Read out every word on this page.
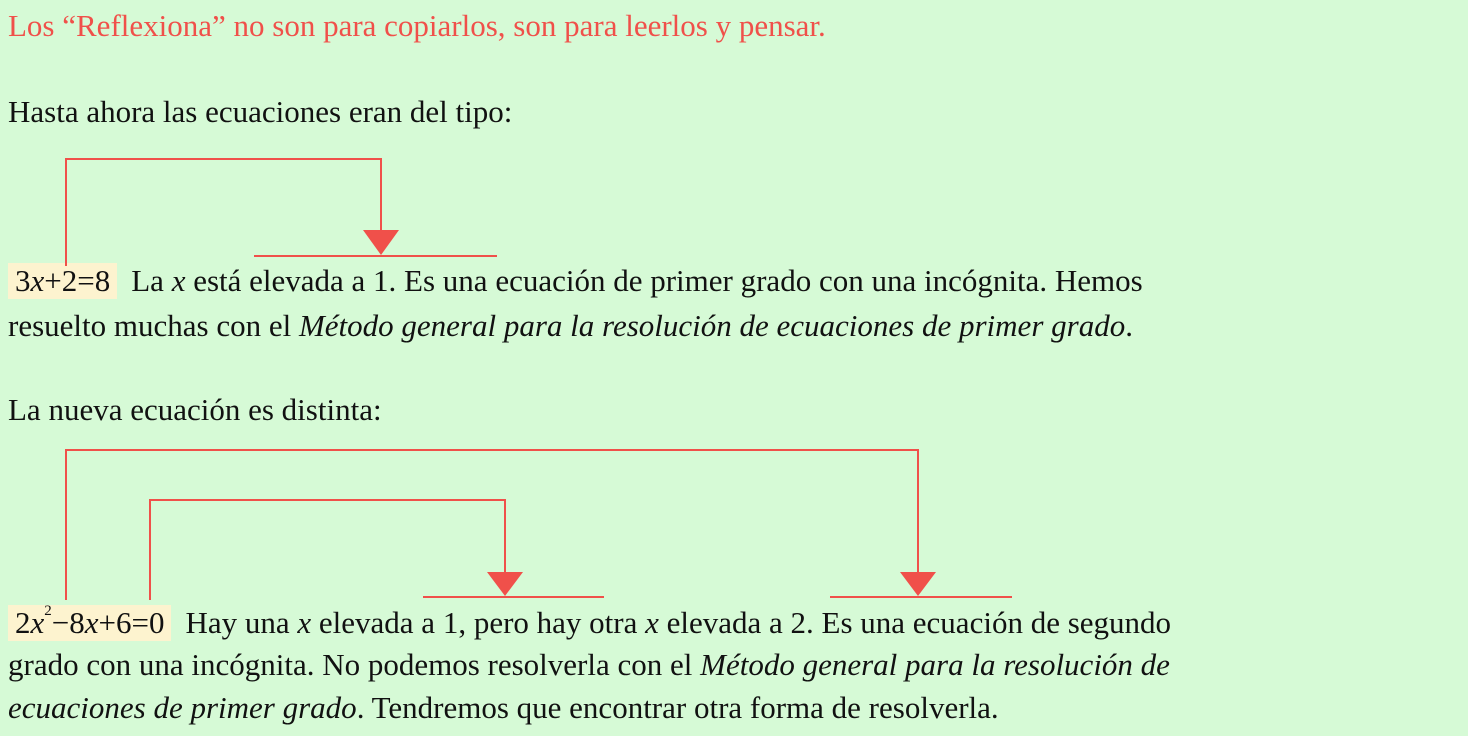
Los “Reflexiona” no son para copiarlos, son para leerlos y pensar.
Hasta ahora las ecuaciones eran del tipo:
3x+2=8 La x está elevada a 1. Es una ecuación de primer grado con una incógnita. Hemos
resuelto muchas con el Método general para la resolución de ecuaciones de primer grado.
La nueva ecuación es distinta:
$2x^2-8x+6=0$ Hay una x elevada a 1, pero hay otra x elevada a 2. Es una ecuación de segundo
grado con una incógnita. No podemos resolverla con el Método general para la resolución de
ecuaciones de primer grado. Tendremos que encontrar otra forma de resolverla.
